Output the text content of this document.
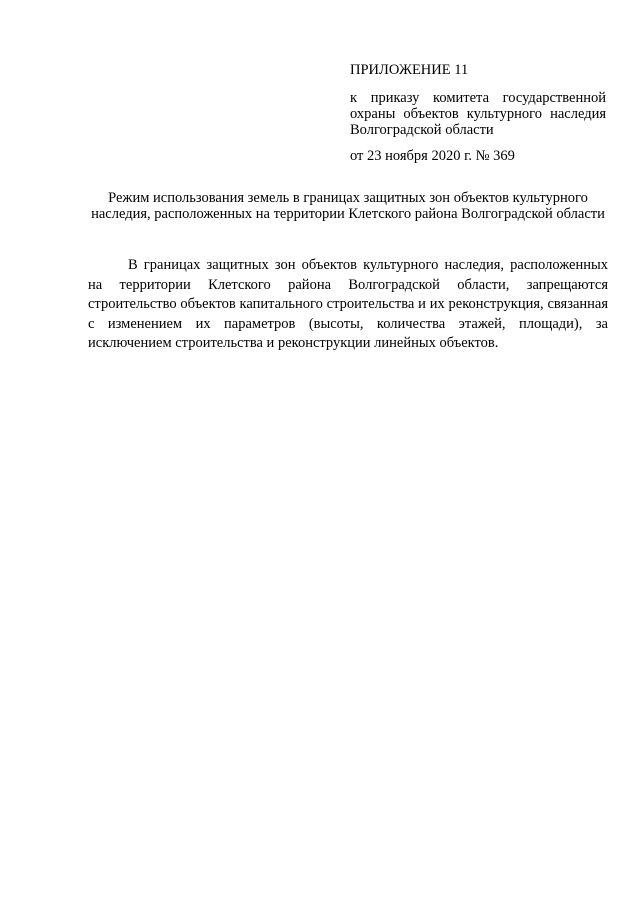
ПРИЛОЖЕНИЕ 11

к приказу комитета государственной охраны объектов культурного наследия Волгоградской области

от 23 ноября 2020 г. № 369

Режим использования земель в границах защитных зон объектов культурного наследия, расположенных на территории Клетского района Волгоградской области

В границах защитных зон объектов культурного наследия, расположенных на территории Клетского района Волгоградской области, запрещаются строительство объектов капитального строительства и их реконструкция, связанная с изменением их параметров (высоты, количества этажей, площади), за исключением строительства и реконструкции линейных объектов.
